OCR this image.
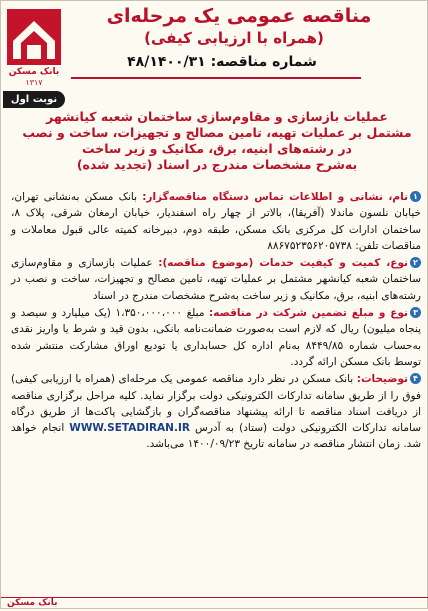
مناقصه عمومی یک مرحله‌ای
(همراه با ارزیابی کیفی)
شماره مناقصه: ۴۸/۱۴۰۰/۳۱
بانک مسکن
۱۳۱۷
نوبت اول
عملیات بازسازی و مقاوم‌سازی ساختمان شعبه کیانشهر
مشتمل بر عملیات تهیه، تامین مصالح و تجهیزات، ساخت و نصب
در رشته‌های ابنیه، برق، مکانیک و زیر ساخت
به‌شرح مشخصات مندرج در اسناد (تجدید شده)
۱نام، نشانی و اطلاعات تماس دستگاه مناقصه‌گزار: بانک مسکن به‌نشانی تهران، خیابان نلسون ماندلا (آفریقا)، بالاتر از چهار راه اسفندیار، خیابان ارمغان شرقی، پلاک ۸، ساختمان ادارات کل مرکزی بانک مسکن، طبقه دوم، دبیرخانه کمیته عالی قبول معاملات و مناقصات تلفن: ۸۸۶۷۵۲۳۵۶۲۰۵۷۳۸
۲نوع، کمیت و کیفیت خدمات (موضوع مناقصه): عملیات بازسازی و مقاوم‌سازی ساختمان شعبه کیانشهر مشتمل بر عملیات تهیه، تامین مصالح و تجهیزات، ساخت و نصب در رشته‌های ابنیه، برق، مکانیک و زیر ساخت به‌شرح مشخصات مندرج در اسناد
۳نوع و مبلغ تضمین شرکت در مناقصه: مبلغ ۱،۳۵۰،۰۰۰،۰۰۰ (یک میلیارد و سیصد و پنجاه میلیون) ریال که لازم است به‌صورت ضمانت‌نامه بانکی، بدون قید و شرط یا واریز نقدی به‌حساب شماره ۸۴۴۹/۸۵ به‌نام اداره کل حسابداری یا تودیع اوراق مشارکت منتشر شده توسط بانک مسکن ارائه گردد.
۴توضیحات: بانک مسکن در نظر دارد مناقصه عمومی یک مرحله‌ای (همراه با ارزیابی کیفی) فوق را از طریق سامانه تدارکات الکترونیکی دولت برگزار نماید. کلیه مراحل برگزاری مناقصه از دریافت اسناد مناقصه تا ارائه پیشنهاد مناقصه‌گران و بازگشایی پاکت‌ها از طریق درگاه سامانه تدارکات الکترونیکی دولت (ستاد) به آدرس WWW.SETADIRAN.IR انجام خواهد شد. زمان انتشار مناقصه در سامانه تاریخ ۱۴۰۰/۰۹/۲۳ می‌باشد.
بانک مسکن
